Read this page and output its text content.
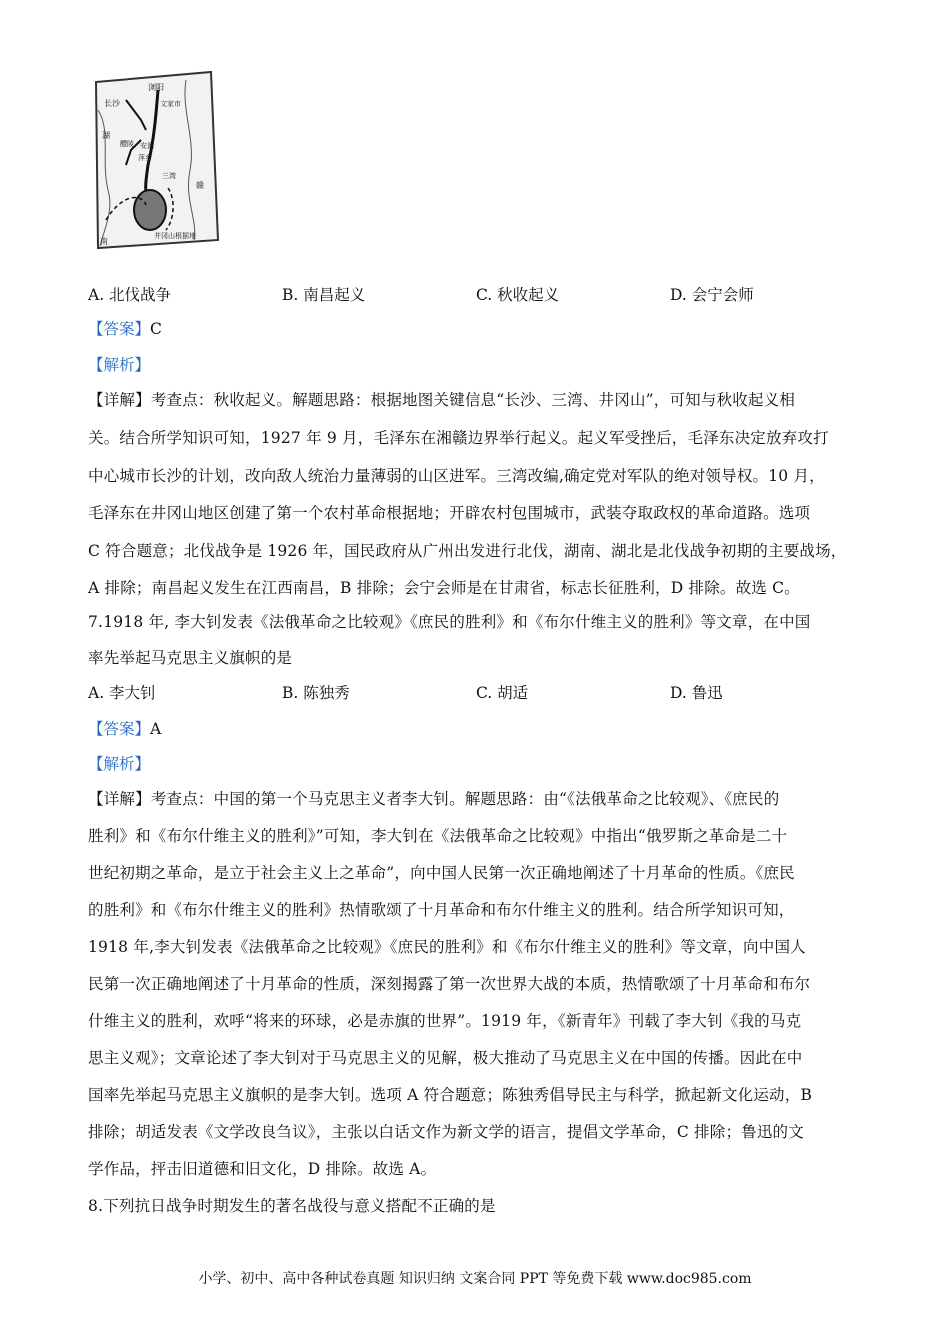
浏阳
长沙	文家市
湖
醴陵 安源
萍乡
三湾
赣
井冈山根据地
南
A. 北伐战争	B. 南昌起义	C. 秋收起义	D. 会宁会师
【答案】C
【解析】
【详解】考查点：秋收起义。解题思路：根据地图关键信息“长沙、三湾、井冈山”，可知与秋收起义相
关。结合所学知识可知，1927 年 9 月，毛泽东在湘赣边界举行起义。起义军受挫后，毛泽东决定放弃攻打
中心城市长沙的计划，改向敌人统治力量薄弱的山区进军。三湾改编,确定党对军队的绝对领导权。10 月，
毛泽东在井冈山地区创建了第一个农村革命根据地；开辟农村包围城市，武装夺取政权的革命道路。选项
C 符合题意；北伐战争是 1926 年，国民政府从广州出发进行北伐，湖南、湖北是北伐战争初期的主要战场，
A 排除；南昌起义发生在江西南昌，B 排除；会宁会师是在甘肃省，标志长征胜利，D 排除。故选 C。
7.1918 年, 李大钊发表《法俄革命之比较观》《庶民的胜利》和《布尔什维主义的胜利》等文章，在中国
率先举起马克思主义旗帜的是
A. 李大钊	B. 陈独秀	C. 胡适	D. 鲁迅
【答案】A
【解析】
【详解】考查点：中国的第一个马克思主义者李大钊。解题思路：由“《法俄革命之比较观》、《庶民的
胜利》和《布尔什维主义的胜利》”可知，李大钊在《法俄革命之比较观》中指出“俄罗斯之革命是二十
世纪初期之革命，是立于社会主义上之革命”，向中国人民第一次正确地阐述了十月革命的性质。《庶民
的胜利》和《布尔什维主义的胜利》热情歌颂了十月革命和布尔什维主义的胜利。结合所学知识可知，
1918 年,李大钊发表《法俄革命之比较观》《庶民的胜利》和《布尔什维主义的胜利》等文章，向中国人
民第一次正确地阐述了十月革命的性质，深刻揭露了第一次世界大战的本质，热情歌颂了十月革命和布尔
什维主义的胜利，欢呼“将来的环球，必是赤旗的世界”。1919 年，《新青年》刊载了李大钊《我的马克
思主义观》；文章论述了李大钊对于马克思主义的见解，极大推动了马克思主义在中国的传播。因此在中
国率先举起马克思主义旗帜的是李大钊。选项 A 符合题意；陈独秀倡导民主与科学，掀起新文化运动，B
排除；胡适发表《文学改良刍议》，主张以白话文作为新文学的语言，提倡文学革命，C 排除；鲁迅的文
学作品，抨击旧道德和旧文化，D 排除。故选 A。
8.下列抗日战争时期发生的著名战役与意义搭配不正确的是
小学、初中、高中各种试卷真题 知识归纳 文案合同 PPT 等免费下载 www.doc985.com
